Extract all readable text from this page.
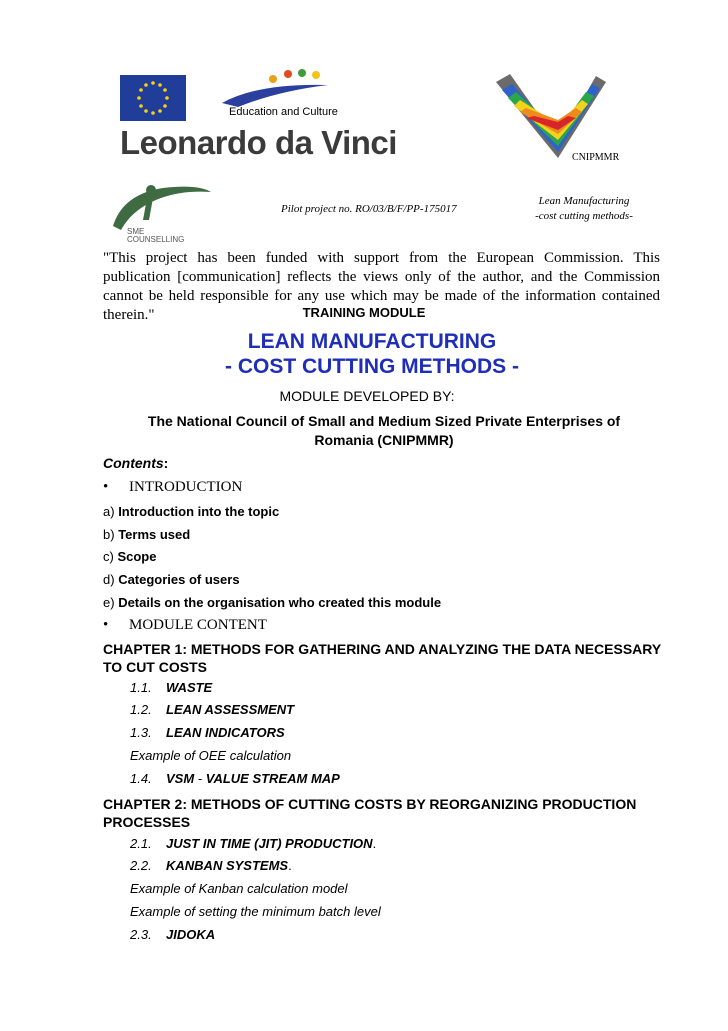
Education and Culture
Leonardo da Vinci	CNIPMMR
SME
COUNSELLING
Pilot project no. RO/03/B/F/PP-175017
Lean Manufacturing
-cost cutting methods-
"This project has been funded with support from the European Commission. This publication [communication] reflects the views only of the author, and the Commission cannot be held responsible for any use which may be made of the information contained therein."	TRAINING MODULE
LEAN MANUFACTURING
- COST CUTTING METHODS -
MODULE DEVELOPED BY:
The National Council of Small and Medium Sized Private Enterprises of Romania (CNIPMMR)
Contents:
• INTRODUCTION
a) Introduction into the topic
b) Terms used
c) Scope
d) Categories of users
e) Details on the organisation who created this module
• MODULE CONTENT
CHAPTER 1: METHODS FOR GATHERING AND ANALYZING THE DATA NECESSARY TO CUT COSTS
1.1. WASTE
1.2. LEAN ASSESSMENT
1.3. LEAN INDICATORS
Example of OEE calculation
1.4. VSM - VALUE STREAM MAP
CHAPTER 2: METHODS OF CUTTING COSTS BY REORGANIZING PRODUCTION PROCESSES
2.1. JUST IN TIME (JIT) PRODUCTION.
2.2. KANBAN SYSTEMS.
Example of Kanban calculation model
Example of setting the minimum batch level
2.3. JIDOKA
